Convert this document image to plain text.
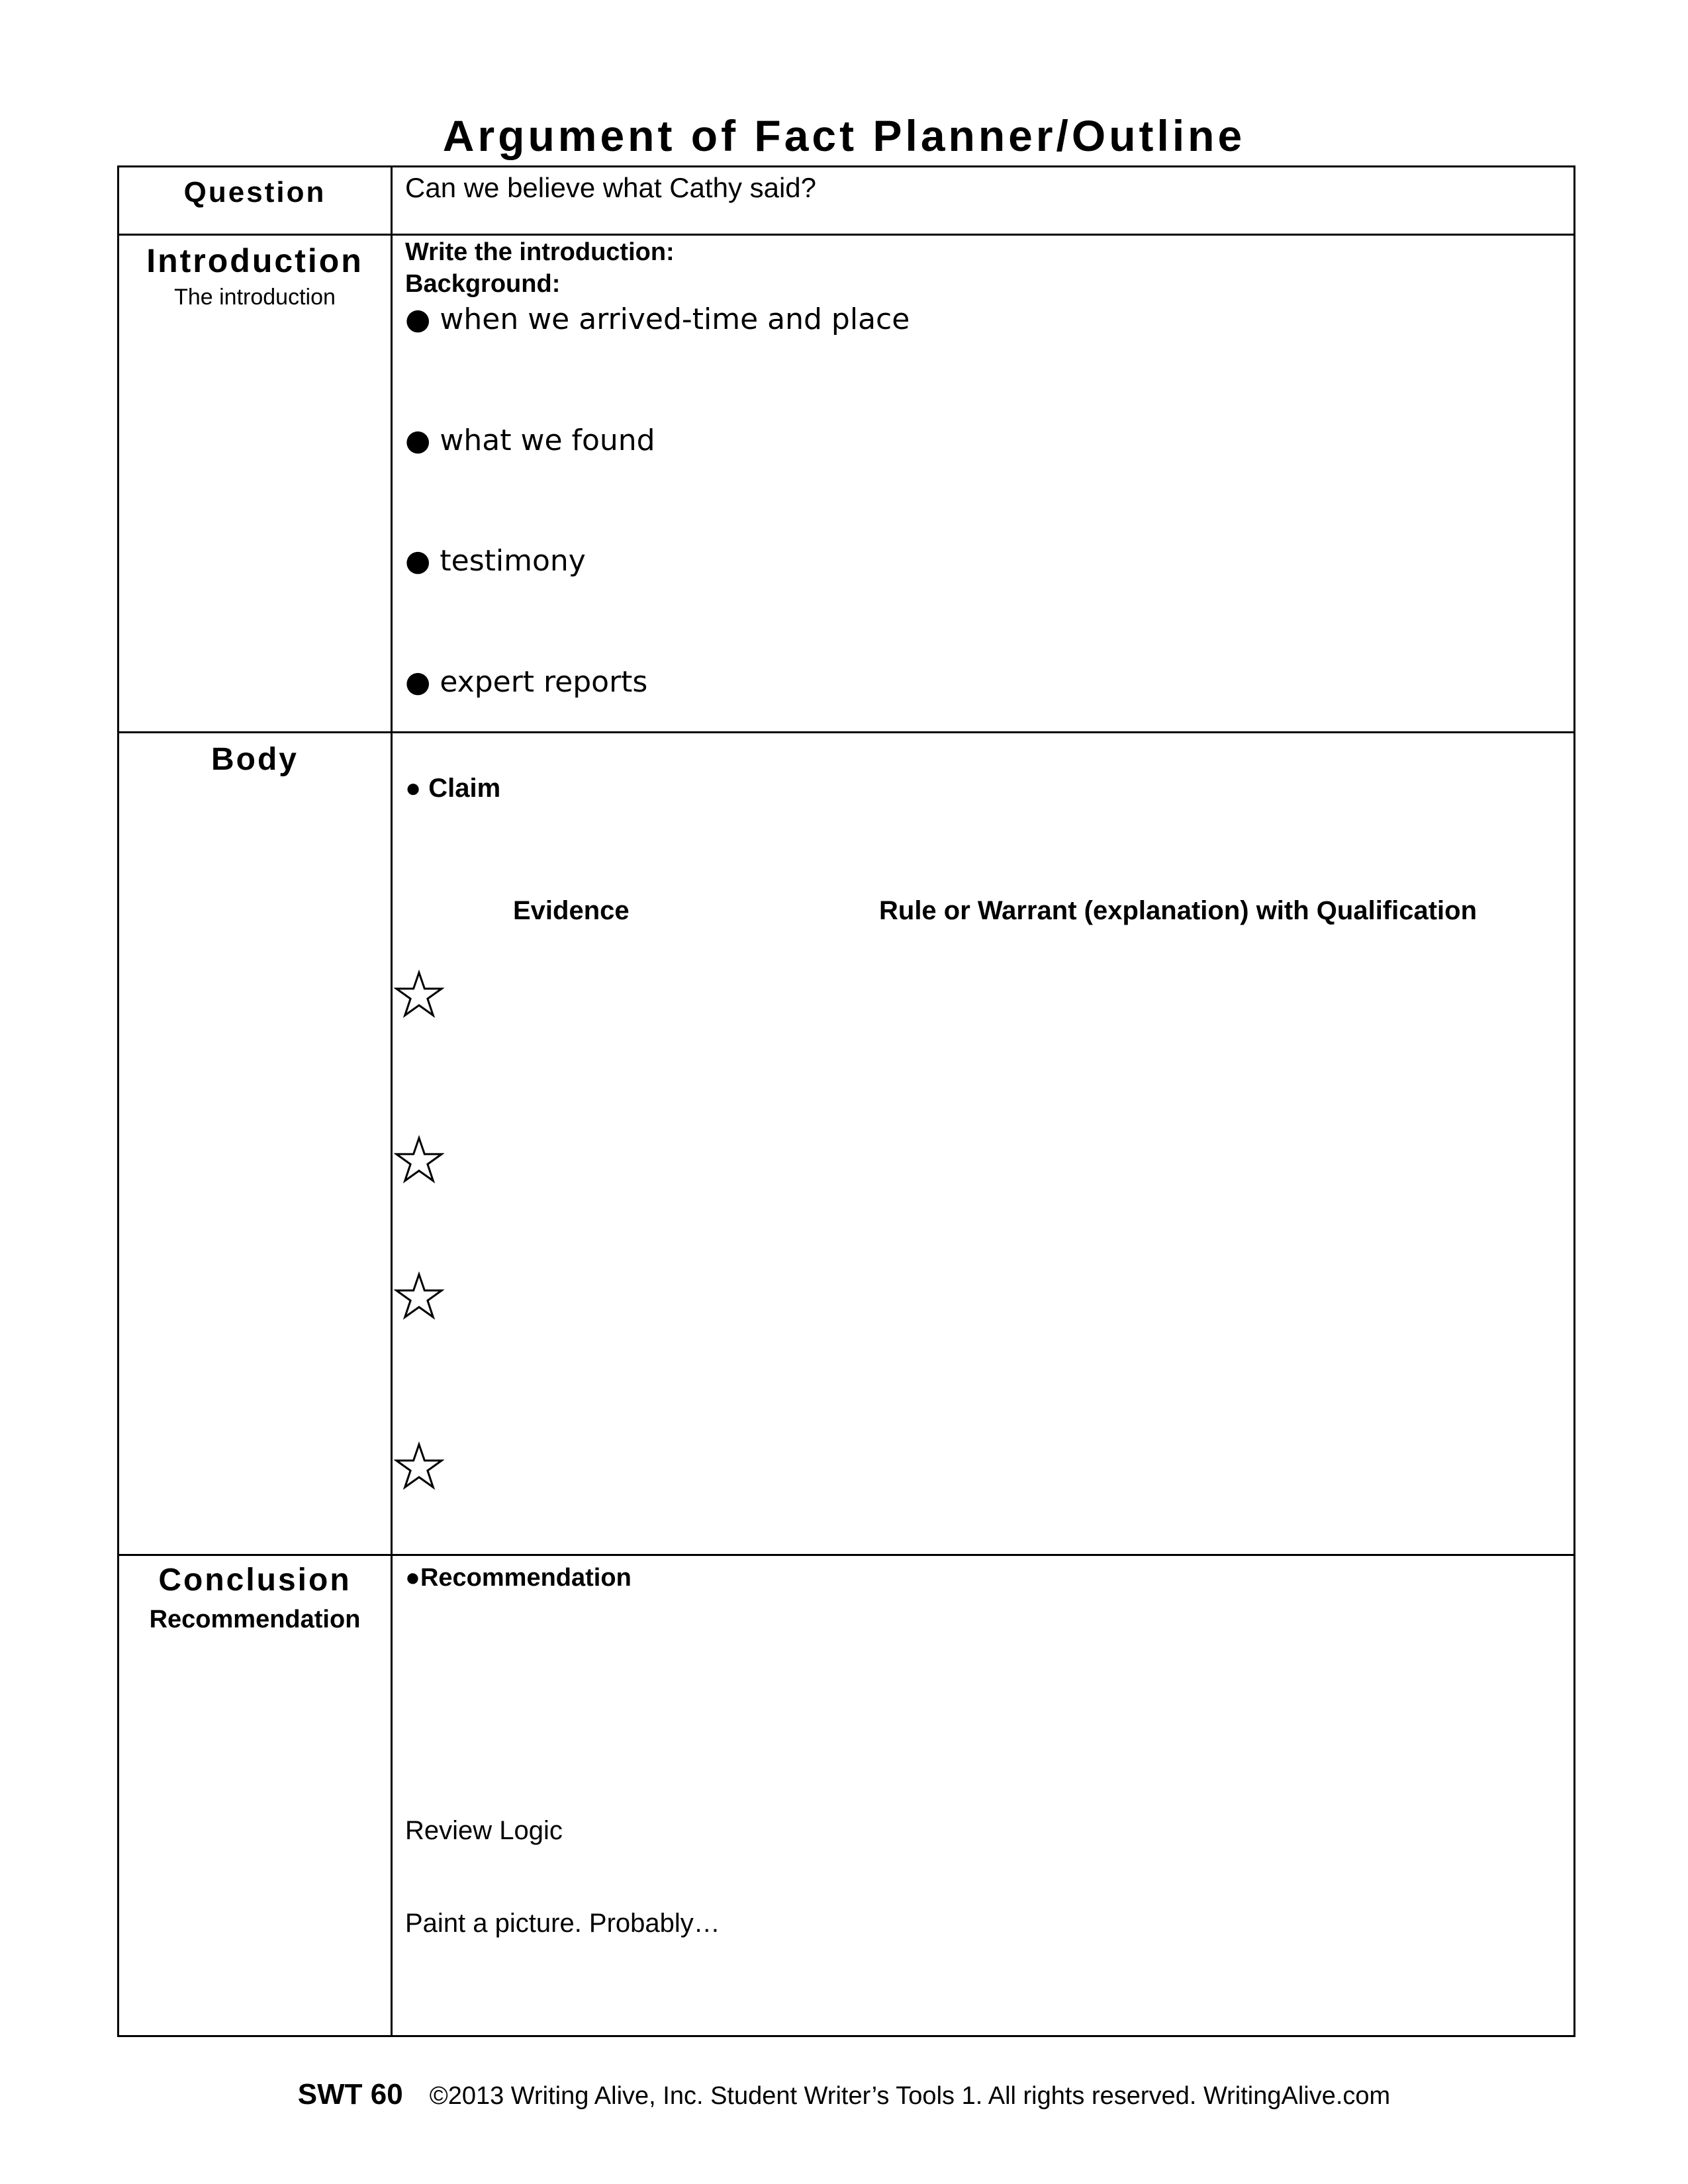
Argument of Fact Planner/Outline
Question	Can we believe what Cathy said?
Introduction
The introduction
Write the introduction:
Background:
● when we arrived-time and place
● what we found
● testimony
● expert reports
Body
● Claim
Evidence	Rule or Warrant (explanation) with Qualification
Conclusion
Recommendation
●Recommendation
Review Logic
Paint a picture. Probably…
SWT 60 ©2013 Writing Alive, Inc. Student Writer’s Tools 1. All rights reserved. WritingAlive.com
